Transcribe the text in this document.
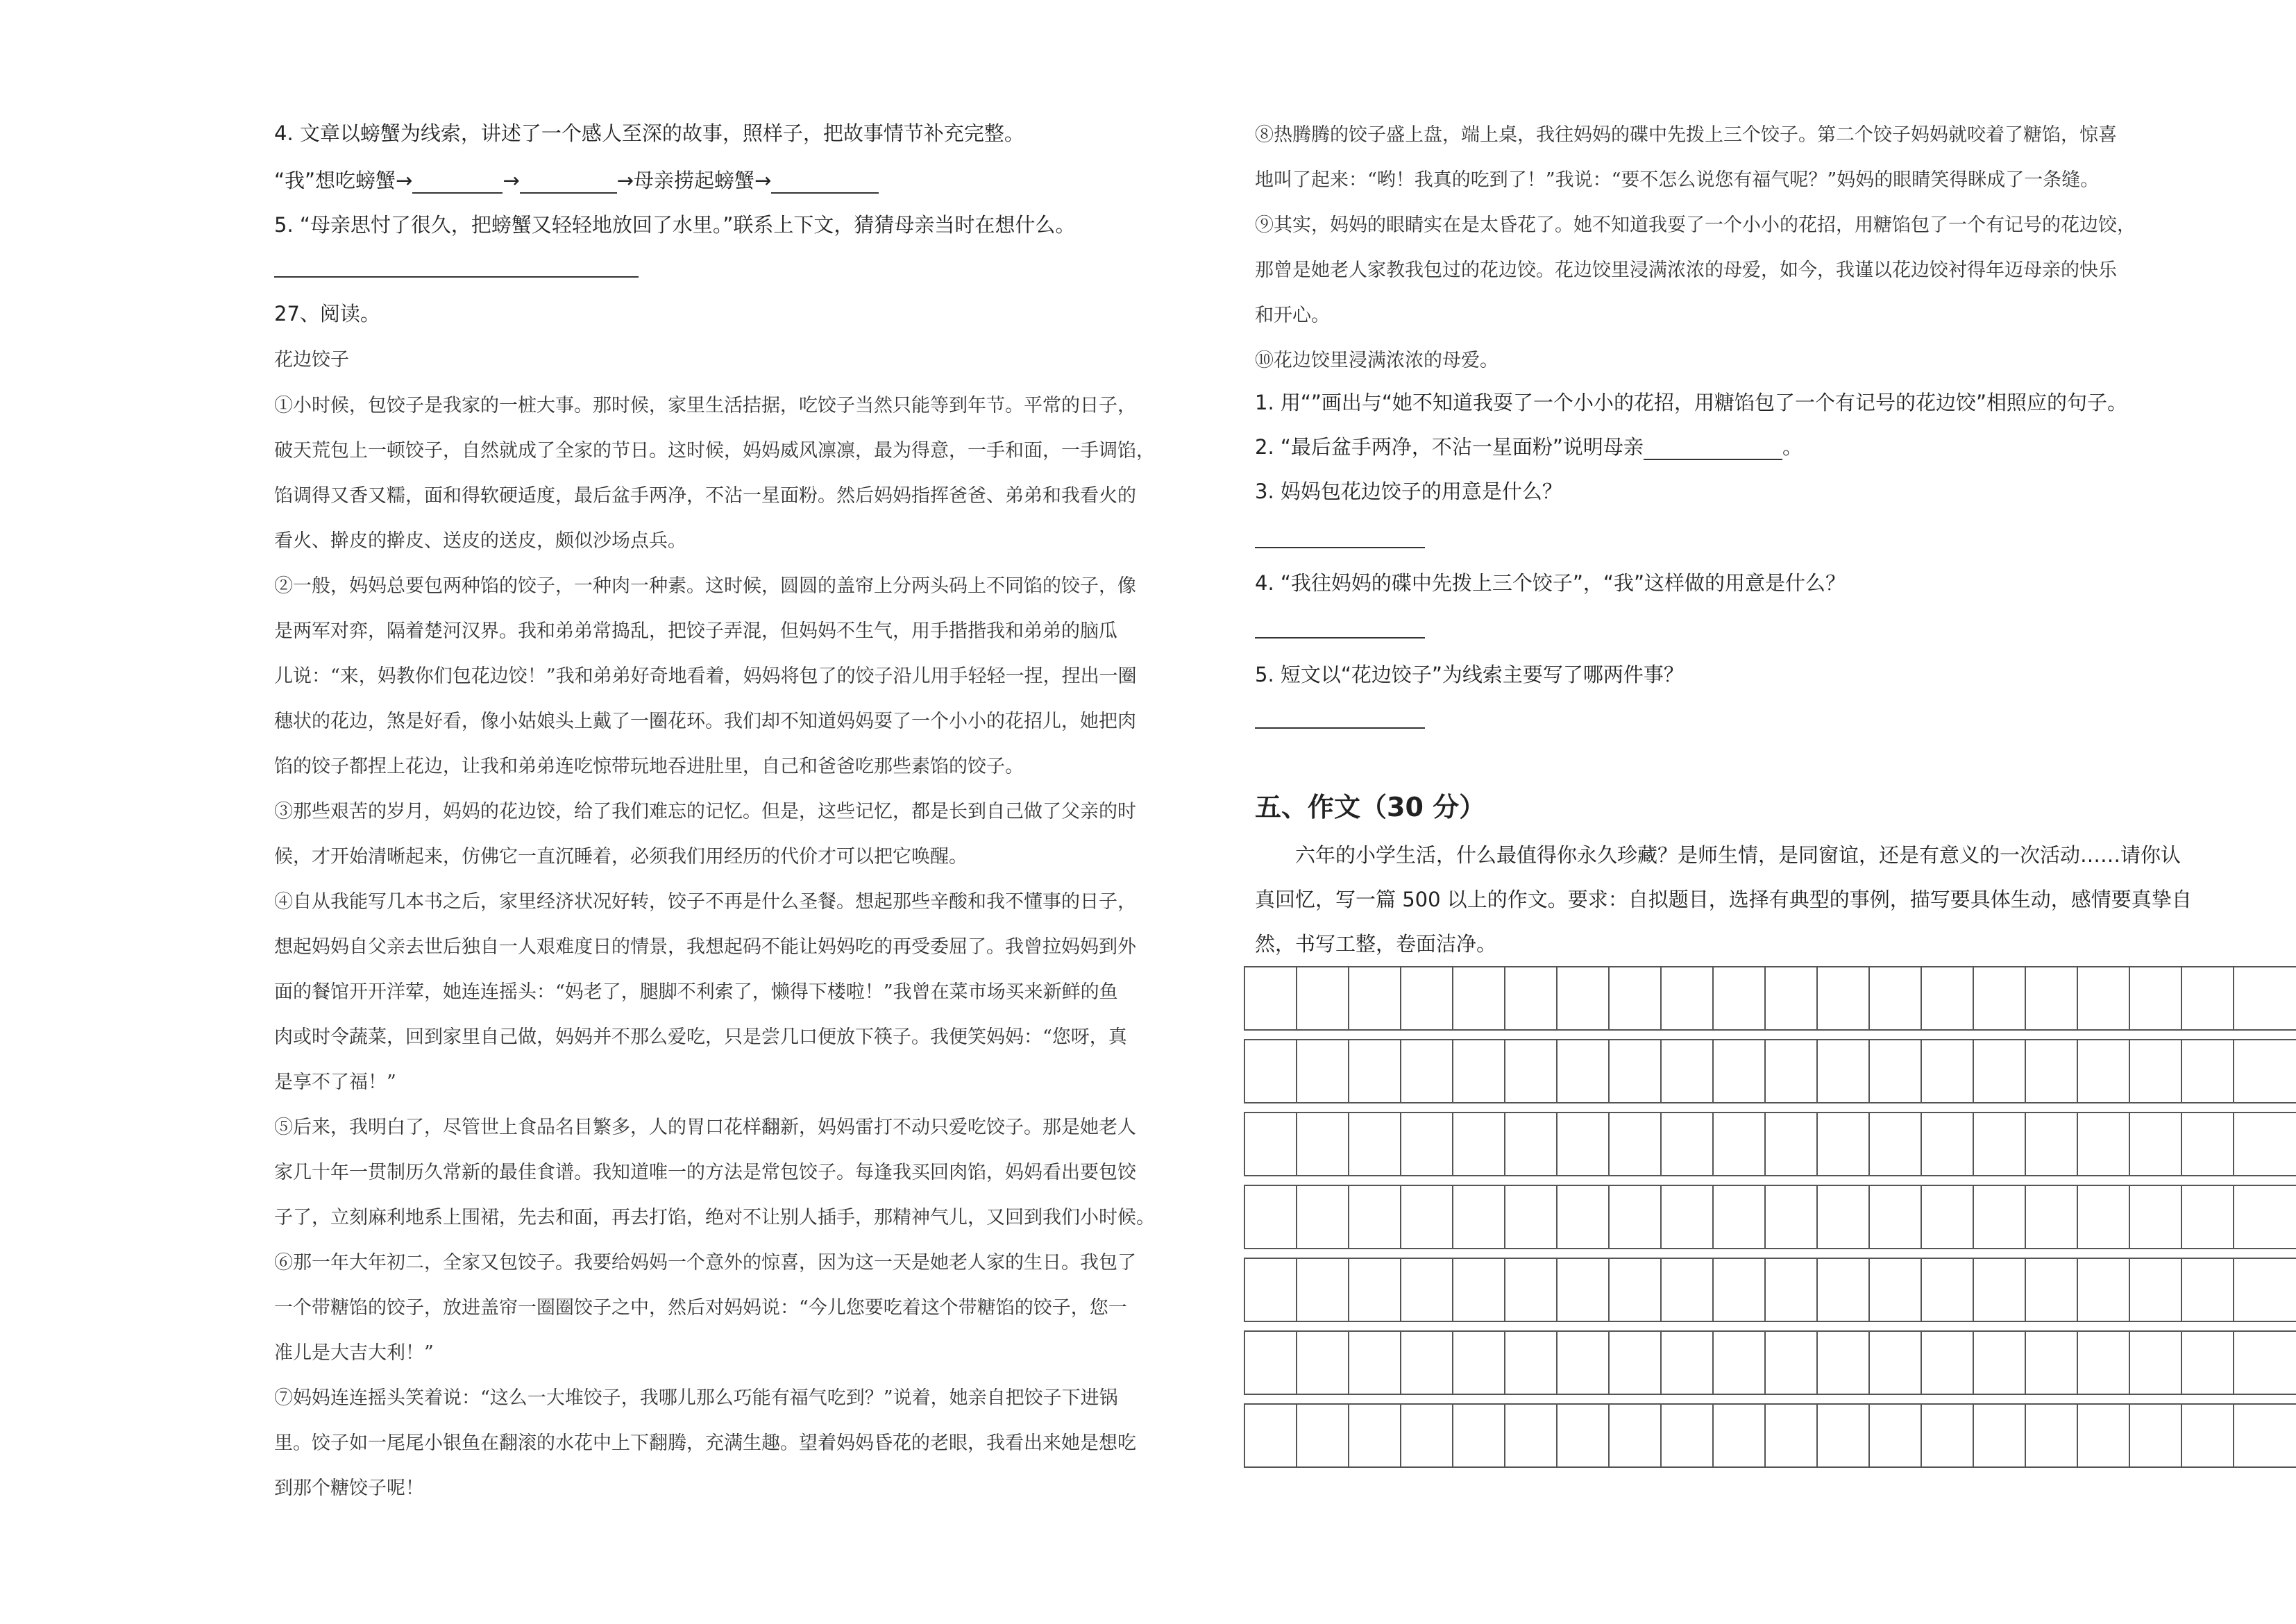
4. 文章以螃蟹为线索，讲述了一个感人至深的故事，照样子，把故事情节补充完整。
“我”想吃螃蟹→	→	→母亲捞起螃蟹→
5. “母亲思忖了很久，把螃蟹又轻轻地放回了水里。”联系上下文，猜猜母亲当时在想什么。
27、阅读。
花边饺子
①小时候，包饺子是我家的一桩大事。那时候，家里生活拮据，吃饺子当然只能等到年节。平常的日子，
破天荒包上一顿饺子，自然就成了全家的节日。这时候，妈妈威风凛凛，最为得意，一手和面，一手调馅，
馅调得又香又糯，面和得软硬适度，最后盆手两净，不沾一星面粉。然后妈妈指挥爸爸、弟弟和我看火的
看火、擀皮的擀皮、送皮的送皮，颇似沙场点兵。
②一般，妈妈总要包两种馅的饺子，一种肉一种素。这时候，圆圆的盖帘上分两头码上不同馅的饺子，像
是两军对弈，隔着楚河汉界。我和弟弟常捣乱，把饺子弄混，但妈妈不生气，用手揩揩我和弟弟的脑瓜
儿说：“来，妈教你们包花边饺！”我和弟弟好奇地看着，妈妈将包了的饺子沿儿用手轻轻一捏，捏出一圈
穗状的花边，煞是好看，像小姑娘头上戴了一圈花环。我们却不知道妈妈耍了一个小小的花招儿，她把肉
馅的饺子都捏上花边，让我和弟弟连吃惊带玩地吞进肚里，自己和爸爸吃那些素馅的饺子。
③那些艰苦的岁月，妈妈的花边饺，给了我们难忘的记忆。但是，这些记忆，都是长到自己做了父亲的时
候，才开始清晰起来，仿佛它一直沉睡着，必须我们用经历的代价才可以把它唤醒。
④自从我能写几本书之后，家里经济状况好转，饺子不再是什么圣餐。想起那些辛酸和我不懂事的日子，
想起妈妈自父亲去世后独自一人艰难度日的情景，我想起码不能让妈妈吃的再受委屈了。我曾拉妈妈到外
面的餐馆开开洋荤，她连连摇头：“妈老了，腿脚不利索了，懒得下楼啦！”我曾在菜市场买来新鲜的鱼
肉或时令蔬菜，回到家里自己做，妈妈并不那么爱吃，只是尝几口便放下筷子。我便笑妈妈：“您呀，真
是享不了福！”
⑤后来，我明白了，尽管世上食品名目繁多，人的胃口花样翻新，妈妈雷打不动只爱吃饺子。那是她老人
家几十年一贯制历久常新的最佳食谱。我知道唯一的方法是常包饺子。每逢我买回肉馅，妈妈看出要包饺
子了，立刻麻利地系上围裙，先去和面，再去打馅，绝对不让别人插手，那精神气儿，又回到我们小时候。
⑥那一年大年初二，全家又包饺子。我要给妈妈一个意外的惊喜，因为这一天是她老人家的生日。我包了
一个带糖馅的饺子，放进盖帘一圈圈饺子之中，然后对妈妈说：“今儿您要吃着这个带糖馅的饺子，您一
准儿是大吉大利！”
⑦妈妈连连摇头笑着说：“这么一大堆饺子，我哪儿那么巧能有福气吃到？”说着，她亲自把饺子下进锅
里。饺子如一尾尾小银鱼在翻滚的水花中上下翻腾，充满生趣。望着妈妈昏花的老眼，我看出来她是想吃
到那个糖饺子呢！
⑧热腾腾的饺子盛上盘，端上桌，我往妈妈的碟中先拨上三个饺子。第二个饺子妈妈就咬着了糖馅，惊喜
地叫了起来：“哟！我真的吃到了！”我说：“要不怎么说您有福气呢？”妈妈的眼睛笑得眯成了一条缝。
⑨其实，妈妈的眼睛实在是太昏花了。她不知道我耍了一个小小的花招，用糖馅包了一个有记号的花边饺，
那曾是她老人家教我包过的花边饺。花边饺里浸满浓浓的母爱，如今，我谨以花边饺衬得年迈母亲的快乐
和开心。
⑩花边饺里浸满浓浓的母爱。
1. 用“”画出与“她不知道我耍了一个小小的花招，用糖馅包了一个有记号的花边饺”相照应的句子。
2. “最后盆手两净，不沾一星面粉”说明母亲	。
3. 妈妈包花边饺子的用意是什么？
4. “我往妈妈的碟中先拨上三个饺子”，“我”这样做的用意是什么？
5. 短文以“花边饺子”为线索主要写了哪两件事？
五、作文（30 分）
六年的小学生活，什么最值得你永久珍藏？是师生情，是同窗谊，还是有意义的一次活动……请你认
真回忆，写一篇 500 以上的作文。要求：自拟题目，选择有典型的事例，描写要具体生动，感情要真挚自
然，书写工整，卷面洁净。
